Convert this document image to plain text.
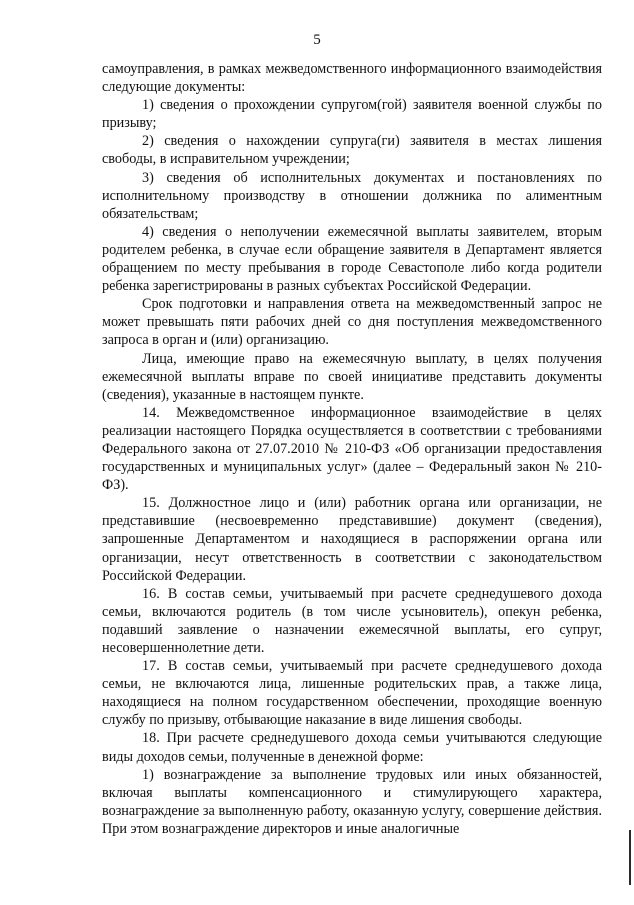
5

самоуправления, в рамках межведомственного информационного взаимодействия следующие документы:

1) сведения о прохождении супругом(гой) заявителя военной службы по призыву;

2) сведения о нахождении супруга(ги) заявителя в местах лишения свободы, в исправительном учреждении;

3) сведения об исполнительных документах и постановлениях по исполнительному производству в отношении должника по алиментным обязательствам;

4) сведения о неполучении ежемесячной выплаты заявителем, вторым родителем ребенка, в случае если обращение заявителя в Департамент является обращением по месту пребывания в городе Севастополе либо когда родители ребенка зарегистрированы в разных субъектах Российской Федерации.

Срок подготовки и направления ответа на межведомственный запрос не может превышать пяти рабочих дней со дня поступления межведомственного запроса в орган и (или) организацию.

Лица, имеющие право на ежемесячную выплату, в целях получения ежемесячной выплаты вправе по своей инициативе представить документы (сведения), указанные в настоящем пункте.

14. Межведомственное информационное взаимодействие в целях реализации настоящего Порядка осуществляется в соответствии с требованиями Федерального закона от 27.07.2010 № 210-ФЗ «Об организации предоставления государственных и муниципальных услуг» (далее – Федеральный закон № 210-ФЗ).

15. Должностное лицо и (или) работник органа или организации, не представившие (несвоевременно представившие) документ (сведения), запрошенные Департаментом и находящиеся в распоряжении органа или организации, несут ответственность в соответствии с законодательством Российской Федерации.

16. В состав семьи, учитываемый при расчете среднедушевого дохода семьи, включаются родитель (в том числе усыновитель), опекун ребенка, подавший заявление о назначении ежемесячной выплаты, его супруг, несовершеннолетние дети.

17. В состав семьи, учитываемый при расчете среднедушевого дохода семьи, не включаются лица, лишенные родительских прав, а также лица, находящиеся на полном государственном обеспечении, проходящие военную службу по призыву, отбывающие наказание в виде лишения свободы.

18. При расчете среднедушевого дохода семьи учитываются следующие виды доходов семьи, полученные в денежной форме:

1) вознаграждение за выполнение трудовых или иных обязанностей, включая выплаты компенсационного и стимулирующего характера, вознаграждение за выполненную работу, оказанную услугу, совершение действия. При этом вознаграждение директоров и иные аналогичные
